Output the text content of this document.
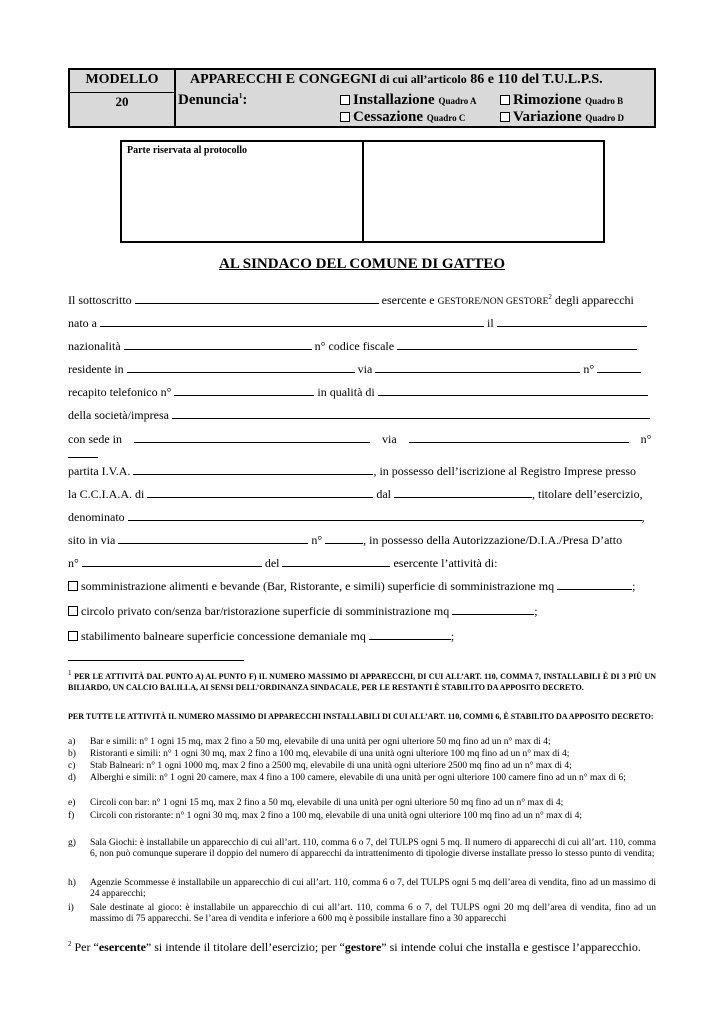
MODELLO
20
APPARECCHI E CONGEGNI di cui all’articolo 86 e 110 del T.U.L.P.S.
Denuncia$^1$:	Installazione Quadro A	Rimozione Quadro B
Cessazione Quadro C	Variazione Quadro D
Parte riservata al protocollo
AL SINDACO DEL COMUNE DI GATTEO
Il sottoscritto	esercente e GESTORE/NON GESTORE$^2$ degli apparecchi
nato a	il
nazionalità	n° codice fiscale
residente in	via	n°
recapito telefonico n°	in qualità di
della società/impresa
con sede in	via	n°
partita I.V.A.	, in possesso dell’iscrizione al Registro Imprese presso
la C.C.I.A.A. di	dal	, titolare dell’esercizio,
denominato	,
sito in via	n°	, in possesso della Autorizzazione/D.I.A./Presa D’atto
n°	del	esercente l’attività di:
somministrazione alimenti e bevande (Bar, Ristorante, e simili) superficie di somministrazione mq	;
circolo privato con/senza bar/ristorazione superficie di somministrazione mq	;
stabilimento balneare superficie concessione demaniale mq	;
$^1$ PER LE ATTIVITÀ DAL PUNTO A) AL PUNTO F) IL NUMERO MASSIMO DI APPARECCHI, DI CUI ALL’ART. 110, COMMA 7, INSTALLABILI È DI 3 PIÙ UN BILIARDO, UN CALCIO BALILLA, AI SENSI DELL’ORDINANZA SINDACALE, PER LE RESTANTI È STABILITO DA APPOSITO DECRETO.
PER TUTTE LE ATTIVITÀ IL NUMERO MASSIMO DI APPARECCHI INSTALLABILI DI CUI ALL’ART. 110, COMMI 6, È STABILITO DA APPOSITO DECRETO:
a)	Bar e simili: n° 1 ogni 15 mq, max 2 fino a 50 mq, elevabile di una unità per ogni ulteriore 50 mq fino ad un n° max di 4;
b)	Ristoranti e simili: n° 1 ogni 30 mq, max 2 fino a 100 mq, elevabile di una unità ogni ulteriore 100 mq fino ad un n° max di 4;
c)	Stab Balneari: n° 1 ogni 1000 mq, max 2 fino a 2500 mq, elevabile di una unità ogni ulteriore 2500 mq fino ad un n° max di 4;
d)	Alberghi e simili: n° 1 ogni 20 camere, max 4 fino a 100 camere, elevabile di una unità per ogni ulteriore 100 camere fino ad un n° max di 6;
e)	Circoli con bar: n° 1 ogni 15 mq, max 2 fino a 50 mq, elevabile di una unità per ogni ulteriore 50 mq fino ad un n° max di 4;
f)	Circoli con ristorante: n° 1 ogni 30 mq, max 2 fino a 100 mq, elevabile di una unità ogni ulteriore 100 mq fino ad un n° max di 4;
g)	Sala Giochi: è installabile un apparecchio di cui all’art. 110, comma 6 o 7, del TULPS ogni 5 mq. Il numero di apparecchi di cui all’art. 110, comma 6, non può comunque superare il doppio del numero di apparecchi da intrattenimento di tipologie diverse installate presso lo stesso punto di vendita;
h)	Agenzie Scommesse è installabile un apparecchio di cui all’art. 110, comma 6 o 7, del TULPS ogni 5 mq dell’area di vendita, fino ad un massimo di 24 apparecchi;
i)	Sale destinate al gioco: è installabile un apparecchio di cui all’art. 110, comma 6 o 7, del TULPS ogni 20 mq dell’area di vendita, fino ad un massimo di 75 apparecchi. Se l’area di vendita e inferiore a 600 mq è possibile installare fino a 30 apparecchi
$^2$ Per “esercente” si intende il titolare dell’esercizio; per “gestore” si intende colui che installa e gestisce l’apparecchio.
